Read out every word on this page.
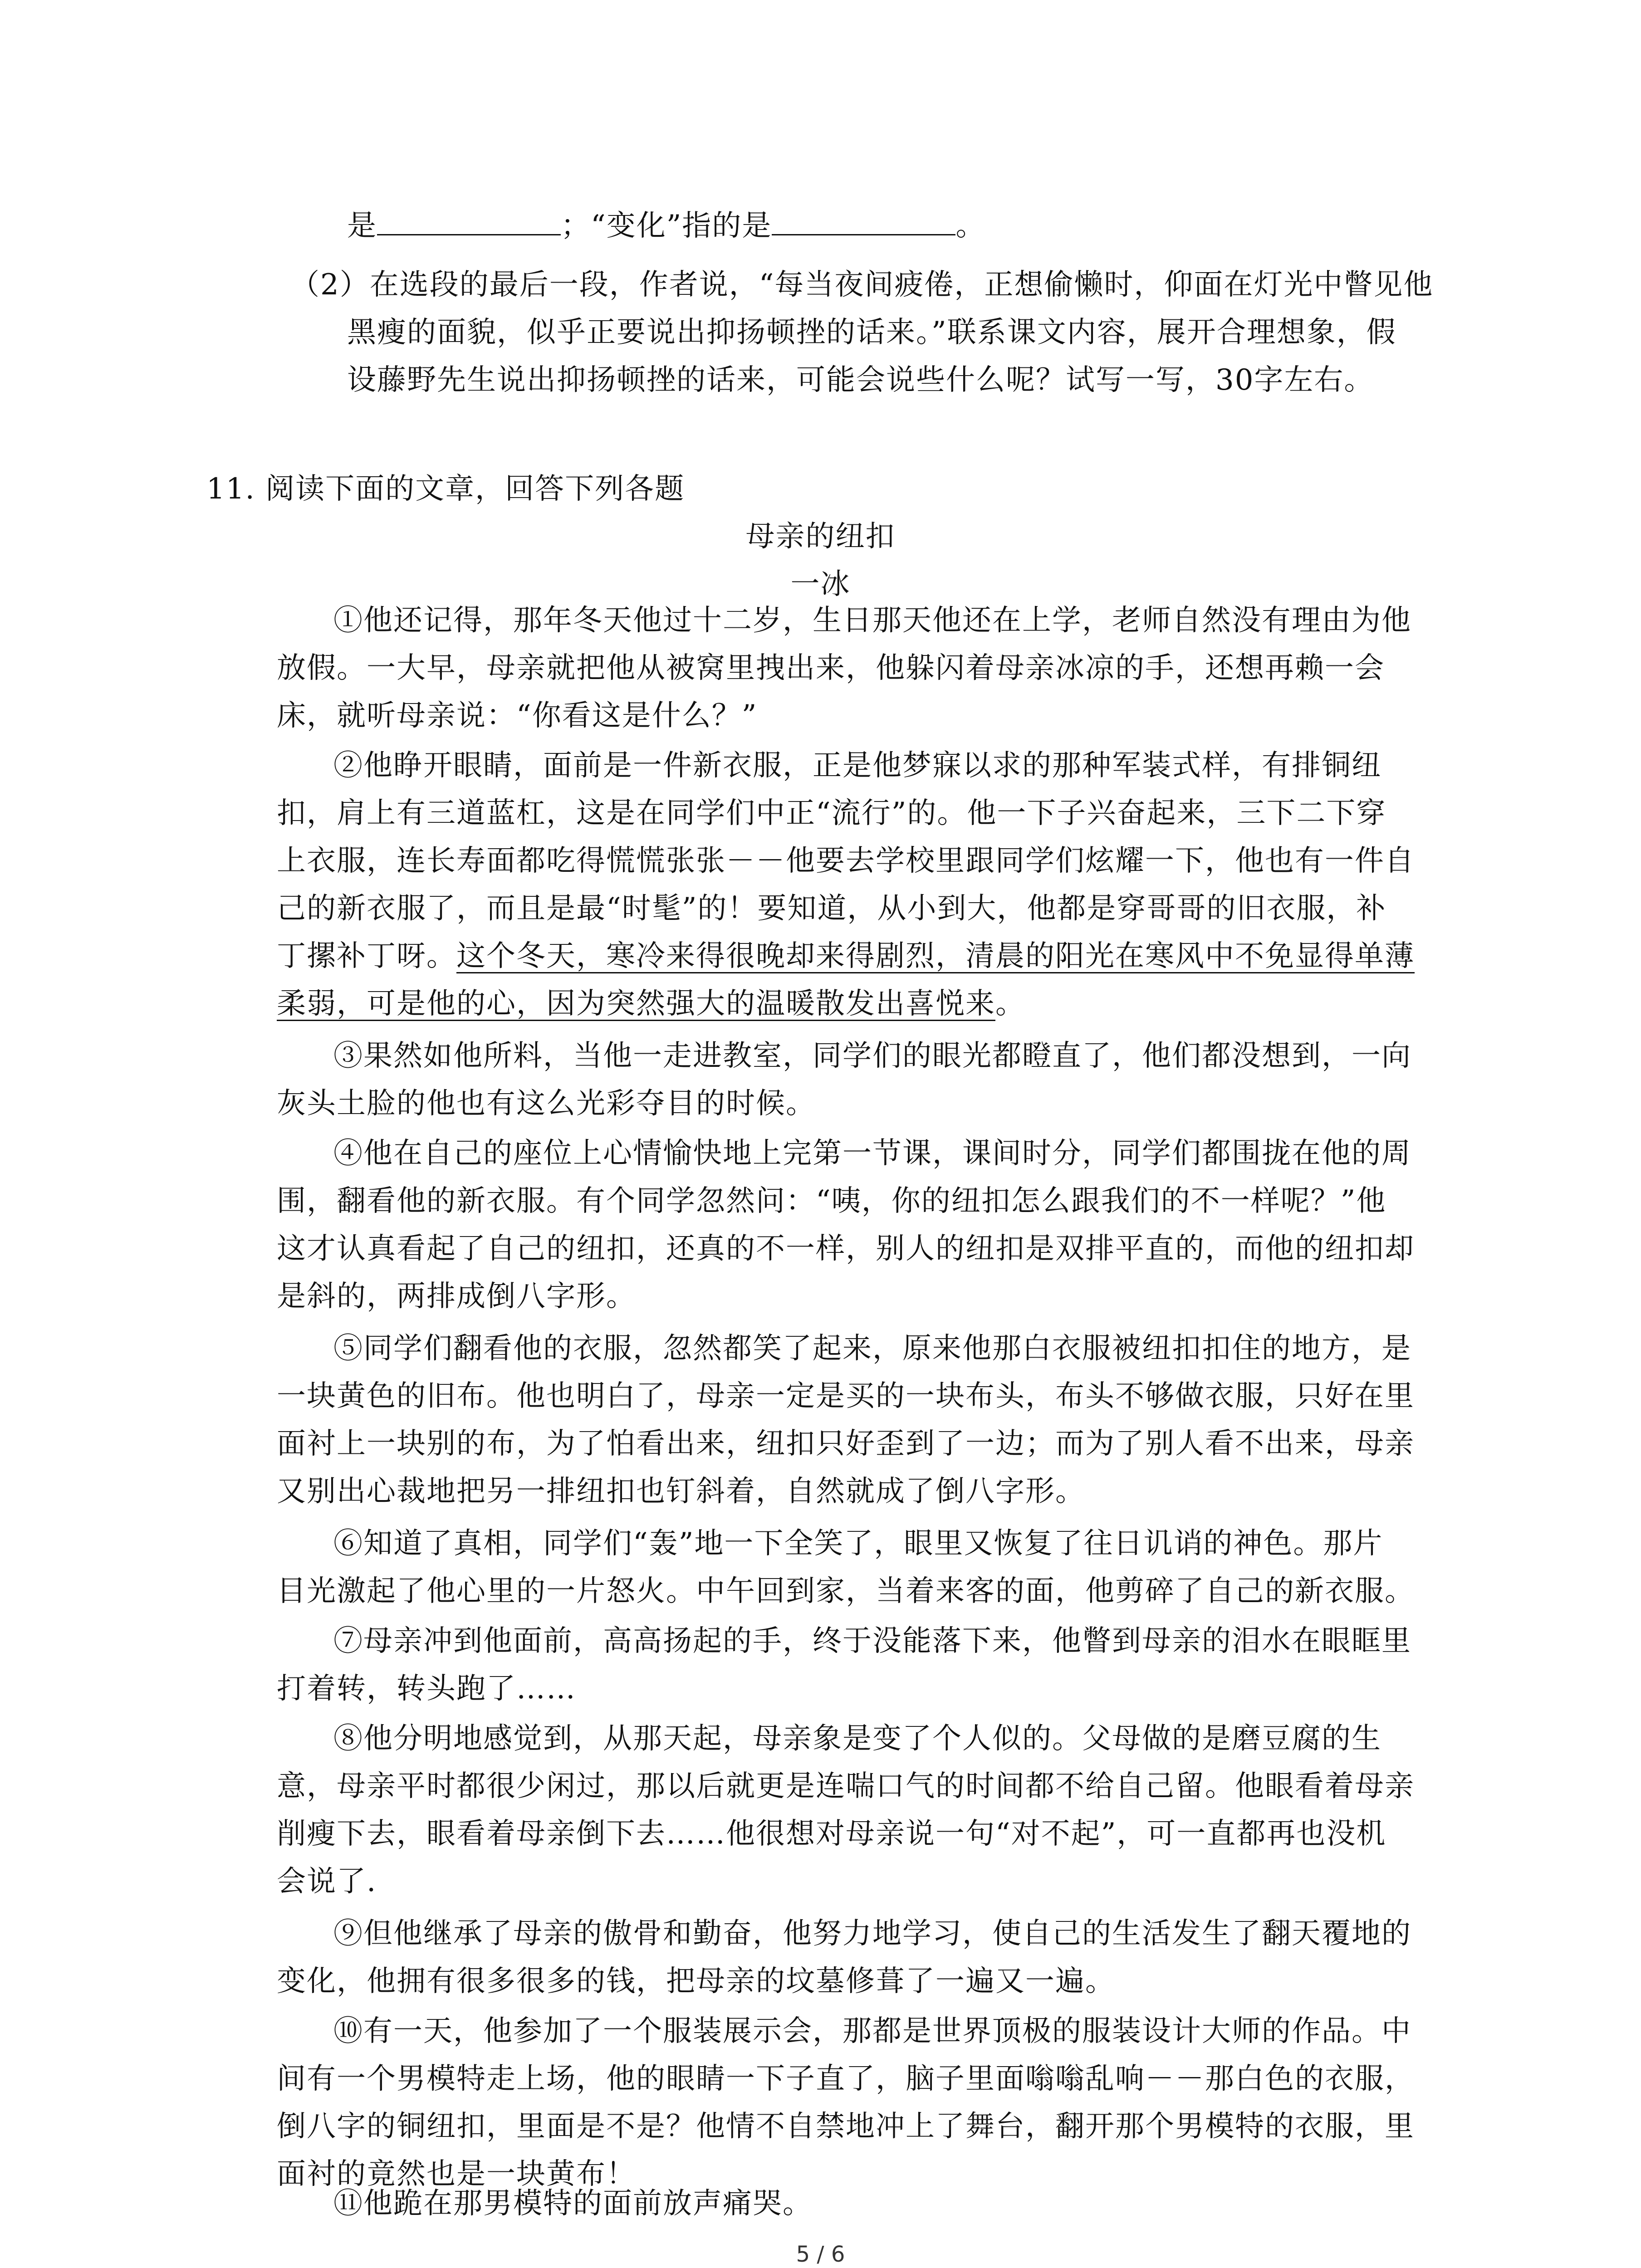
是	；“变化”指的是	。

（2）在选段的最后一段，作者说，“每当夜间疲倦，正想偷懒时，仰面在灯光中瞥见他

黑瘦的面貌，似乎正要说出抑扬顿挫的话来。”联系课文内容，展开合理想象，假

设藤野先生说出抑扬顿挫的话来，可能会说些什么呢？试写一写，30字左右。

11. 阅读下面的文章，回答下列各题

母亲的纽扣

一冰

①他还记得，那年冬天他过十二岁，生日那天他还在上学，老师自然没有理由为他

放假。一大早，母亲就把他从被窝里拽出来，他躲闪着母亲冰凉的手，还想再赖一会

床，就听母亲说：“你看这是什么？”

②他睁开眼睛，面前是一件新衣服，正是他梦寐以求的那种军装式样，有排铜纽

扣，肩上有三道蓝杠，这是在同学们中正“流行”的。他一下子兴奋起来，三下二下穿

上衣服，连长寿面都吃得慌慌张张－－他要去学校里跟同学们炫耀一下，他也有一件自

己的新衣服了，而且是最“时髦”的！要知道，从小到大，他都是穿哥哥的旧衣服，补

丁摞补丁呀。这个冬天，寒冷来得很晚却来得剧烈，清晨的阳光在寒风中不免显得单薄

柔弱，可是他的心，因为突然强大的温暖散发出喜悦来。

③果然如他所料，当他一走进教室，同学们的眼光都瞪直了，他们都没想到，一向

灰头土脸的他也有这么光彩夺目的时候。

④他在自己的座位上心情愉快地上完第一节课，课间时分，同学们都围拢在他的周

围，翻看他的新衣服。有个同学忽然问：“咦，你的纽扣怎么跟我们的不一样呢？”他

这才认真看起了自己的纽扣，还真的不一样，别人的纽扣是双排平直的，而他的纽扣却

是斜的，两排成倒八字形。

⑤同学们翻看他的衣服，忽然都笑了起来，原来他那白衣服被纽扣扣住的地方，是

一块黄色的旧布。他也明白了，母亲一定是买的一块布头，布头不够做衣服，只好在里

面衬上一块别的布，为了怕看出来，纽扣只好歪到了一边；而为了别人看不出来，母亲

又别出心裁地把另一排纽扣也钉斜着，自然就成了倒八字形。

⑥知道了真相，同学们“轰”地一下全笑了，眼里又恢复了往日讥诮的神色。那片

目光激起了他心里的一片怒火。中午回到家，当着来客的面，他剪碎了自己的新衣服。

⑦母亲冲到他面前，高高扬起的手，终于没能落下来，他瞥到母亲的泪水在眼眶里

打着转，转头跑了……

⑧他分明地感觉到，从那天起，母亲象是变了个人似的。父母做的是磨豆腐的生

意，母亲平时都很少闲过，那以后就更是连喘口气的时间都不给自己留。他眼看着母亲

削瘦下去，眼看着母亲倒下去……他很想对母亲说一句“对不起”，可一直都再也没机

会说了.

⑨但他继承了母亲的傲骨和勤奋，他努力地学习，使自己的生活发生了翻天覆地的

变化，他拥有很多很多的钱，把母亲的坟墓修葺了一遍又一遍。

⑩有一天，他参加了一个服装展示会，那都是世界顶极的服装设计大师的作品。中

间有一个男模特走上场，他的眼睛一下子直了，脑子里面嗡嗡乱响－－那白色的衣服，

倒八字的铜纽扣，里面是不是？他情不自禁地冲上了舞台，翻开那个男模特的衣服，里

面衬的竟然也是一块黄布！

⑪他跪在那男模特的面前放声痛哭。

5 / 6
